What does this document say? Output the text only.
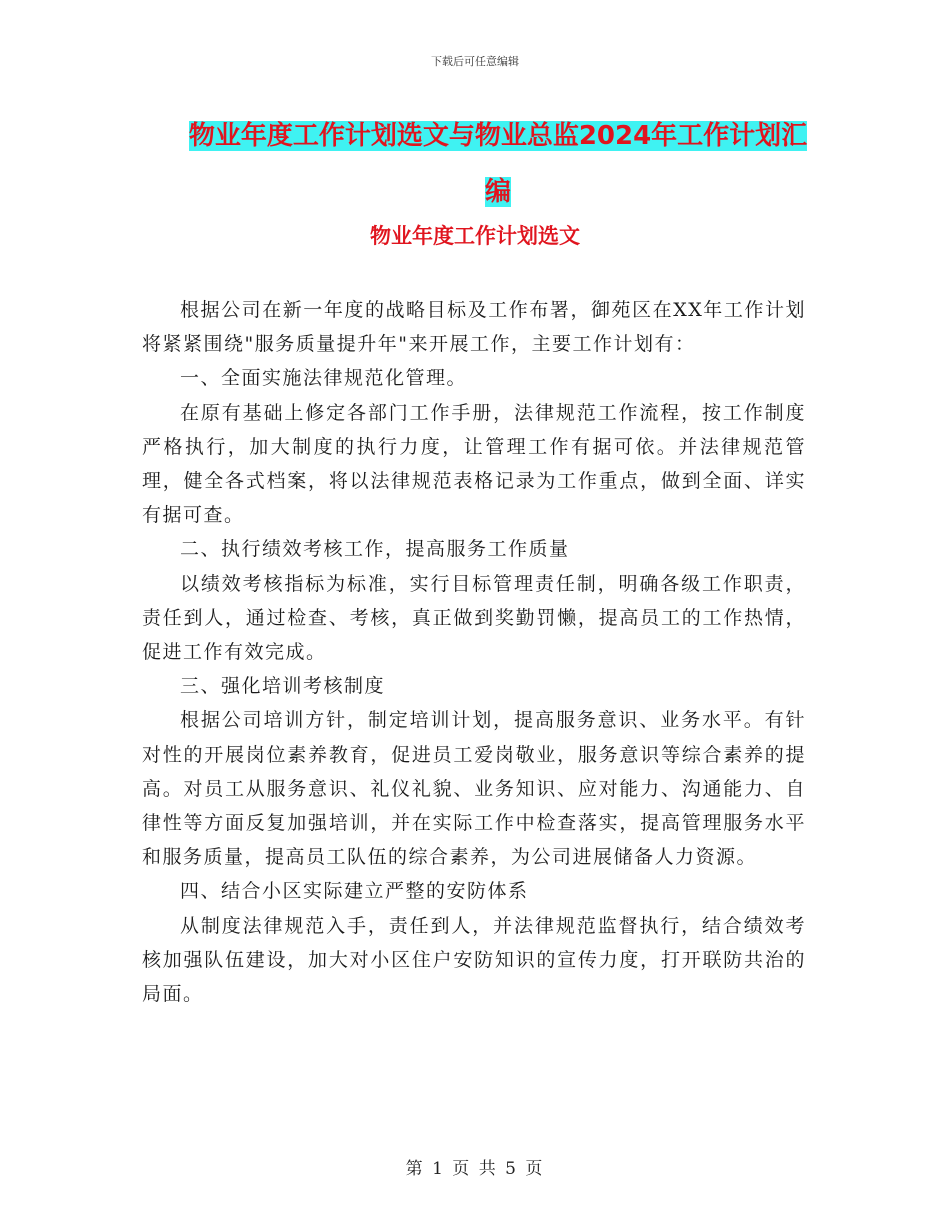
下载后可任意编辑
物业年度工作计划选文与物业总监2024年工作计划汇编
物业年度工作计划选文

根据公司在新一年度的战略目标及工作布署，御苑区在XX年工作计划将紧紧围绕"服务质量提升年"来开展工作，主要工作计划有：

一、全面实施法律规范化管理。

在原有基础上修定各部门工作手册，法律规范工作流程，按工作制度严格执行，加大制度的执行力度，让管理工作有据可依。并法律规范管理，健全各式档案，将以法律规范表格记录为工作重点，做到全面、详实有据可查。

二、执行绩效考核工作，提高服务工作质量

以绩效考核指标为标准，实行目标管理责任制，明确各级工作职责，责任到人，通过检查、考核，真正做到奖勤罚懒，提高员工的工作热情，促进工作有效完成。

三、强化培训考核制度

根据公司培训方针，制定培训计划，提高服务意识、业务水平。有针对性的开展岗位素养教育，促进员工爱岗敬业，服务意识等综合素养的提高。对员工从服务意识、礼仪礼貌、业务知识、应对能力、沟通能力、自律性等方面反复加强培训，并在实际工作中检查落实，提高管理服务水平和服务质量，提高员工队伍的综合素养，为公司进展储备人力资源。

四、结合小区实际建立严整的安防体系

从制度法律规范入手，责任到人，并法律规范监督执行，结合绩效考核加强队伍建设，加大对小区住户安防知识的宣传力度，打开联防共治的局面。

第 1 页 共 5 页
